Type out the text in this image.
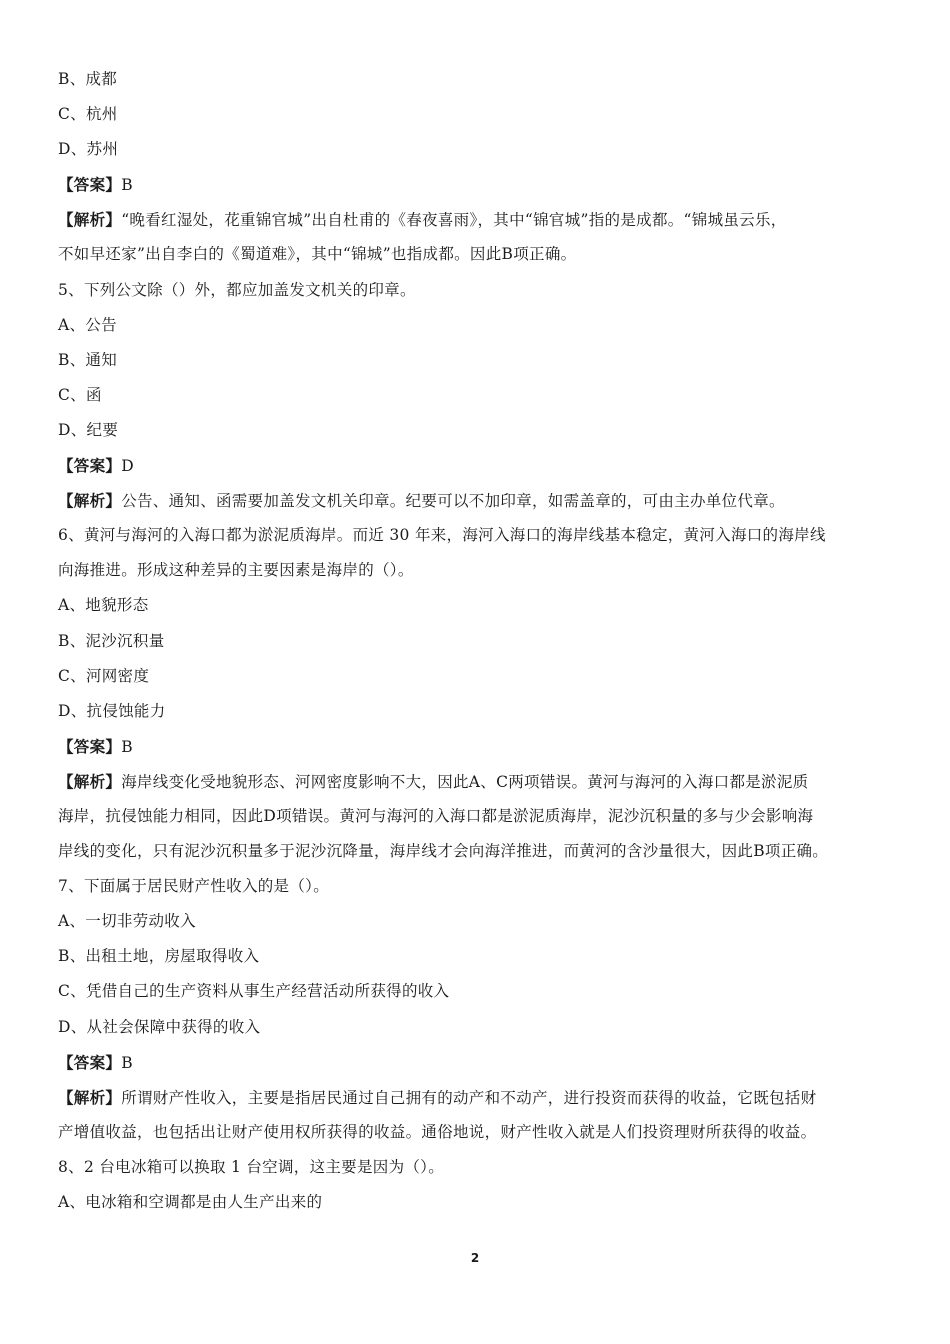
B、成都
C、杭州
D、苏州
【答案】B
【解析】“晚看红湿处，花重锦官城”出自杜甫的《春夜喜雨》，其中“锦官城”指的是成都。“锦城虽云乐，
不如早还家”出自李白的《蜀道难》，其中“锦城”也指成都。因此B项正确。
5、下列公文除（）外，都应加盖发文机关的印章。
A、公告
B、通知
C、函
D、纪要
【答案】D
【解析】公告、通知、函需要加盖发文机关印章。纪要可以不加印章，如需盖章的，可由主办单位代章。
6、黄河与海河的入海口都为淤泥质海岸。而近 30 年来，海河入海口的海岸线基本稳定，黄河入海口的海岸线
向海推进。形成这种差异的主要因素是海岸的（）。
A、地貌形态
B、泥沙沉积量
C、河网密度
D、抗侵蚀能力
【答案】B
【解析】海岸线变化受地貌形态、河网密度影响不大，因此A、C两项错误。黄河与海河的入海口都是淤泥质
海岸，抗侵蚀能力相同，因此D项错误。黄河与海河的入海口都是淤泥质海岸，泥沙沉积量的多与少会影响海
岸线的变化，只有泥沙沉积量多于泥沙沉降量，海岸线才会向海洋推进，而黄河的含沙量很大，因此B项正确。
7、下面属于居民财产性收入的是（）。
A、一切非劳动收入
B、出租土地，房屋取得收入
C、凭借自己的生产资料从事生产经营活动所获得的收入
D、从社会保障中获得的收入
【答案】B
【解析】所谓财产性收入，主要是指居民通过自己拥有的动产和不动产，进行投资而获得的收益，它既包括财
产增值收益，也包括出让财产使用权所获得的收益。通俗地说，财产性收入就是人们投资理财所获得的收益。
8、2 台电冰箱可以换取 1 台空调，这主要是因为（）。
A、电冰箱和空调都是由人生产出来的
2
